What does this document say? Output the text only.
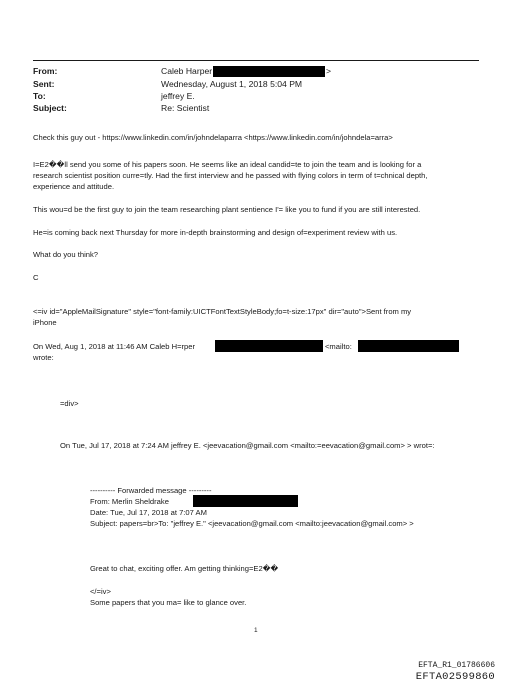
From:
Sent:
To:
Subject:
Caleb Harper	>
Wednesday, August 1, 2018 5:04 PM
jeffrey E.
Re: Scientist
Check this guy out - https://www.linkedin.com/in/johndelaparra <https://www.linkedin.com/in/johndela=arra>
I=E2��ll send you some of his papers soon. He seems like an ideal candid=te to join the team and is looking for a
research scientist position curre=tly. Had the first interview and he passed with flying colors in term of t=chnical depth,
experience and attitude.
This wou=d be the first guy to join the team researching plant sentience I'= like you to fund if you are still interested.
He=is coming back next Thursday for more in-depth brainstorming and design of=experiment review with us.
What do you think?
C
<=iv id="AppleMailSignature" style="font-family:UICTFontTextStyleBody;fo=t-size:17px" dir="auto">Sent from my
iPhone
On Wed, Aug 1, 2018 at 11:46 AM Caleb H=rper	<mailto:
wrote:
=div>
On Tue, Jul 17, 2018 at 7:24 AM jeffrey E. <jeevacation@gmail.com <mailto:=eevacation@gmail.com> > wrot=:
---------- Forwarded message ---------
From: Merlin Sheldrake
Date: Tue, Jul 17, 2018 at 7:07 AM
Subject: papers=br>To: "jeffrey E." <jeevacation@gmail.com <mailto:jeevacation@gmail.com> >
Great to chat, exciting offer. Am getting thinking=E2��
</=iv>
Some papers that you ma= like to glance over.
1
EFTA_R1_01786606
EFTA02599860
